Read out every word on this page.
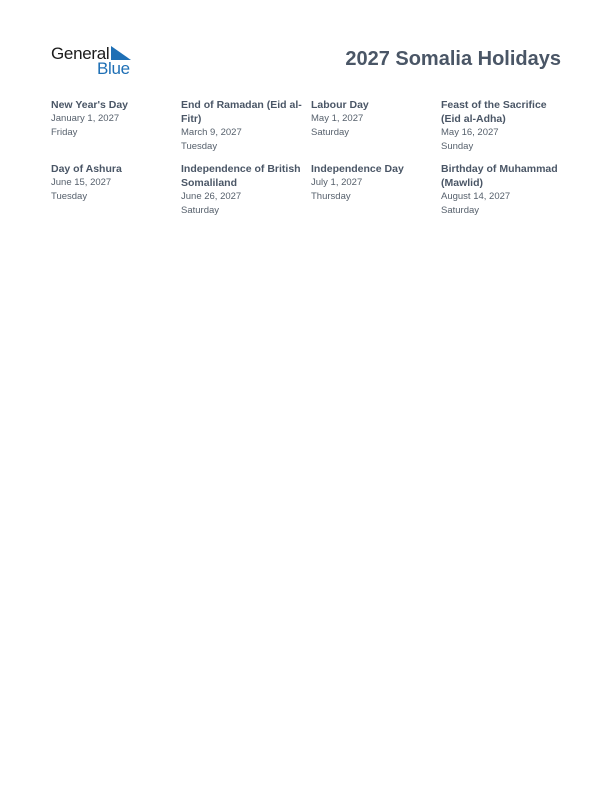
General
Blue	2027 Somalia Holidays
New Year's Day
January 1, 2027
Friday
End of Ramadan (Eid al-Fitr)
March 9, 2027
Tuesday
Labour Day
May 1, 2027
Saturday
Feast of the Sacrifice (Eid al-Adha)
May 16, 2027
Sunday
Day of Ashura
June 15, 2027
Tuesday
Independence of British Somaliland
June 26, 2027
Saturday
Independence Day
July 1, 2027
Thursday
Birthday of Muhammad (Mawlid)
August 14, 2027
Saturday
